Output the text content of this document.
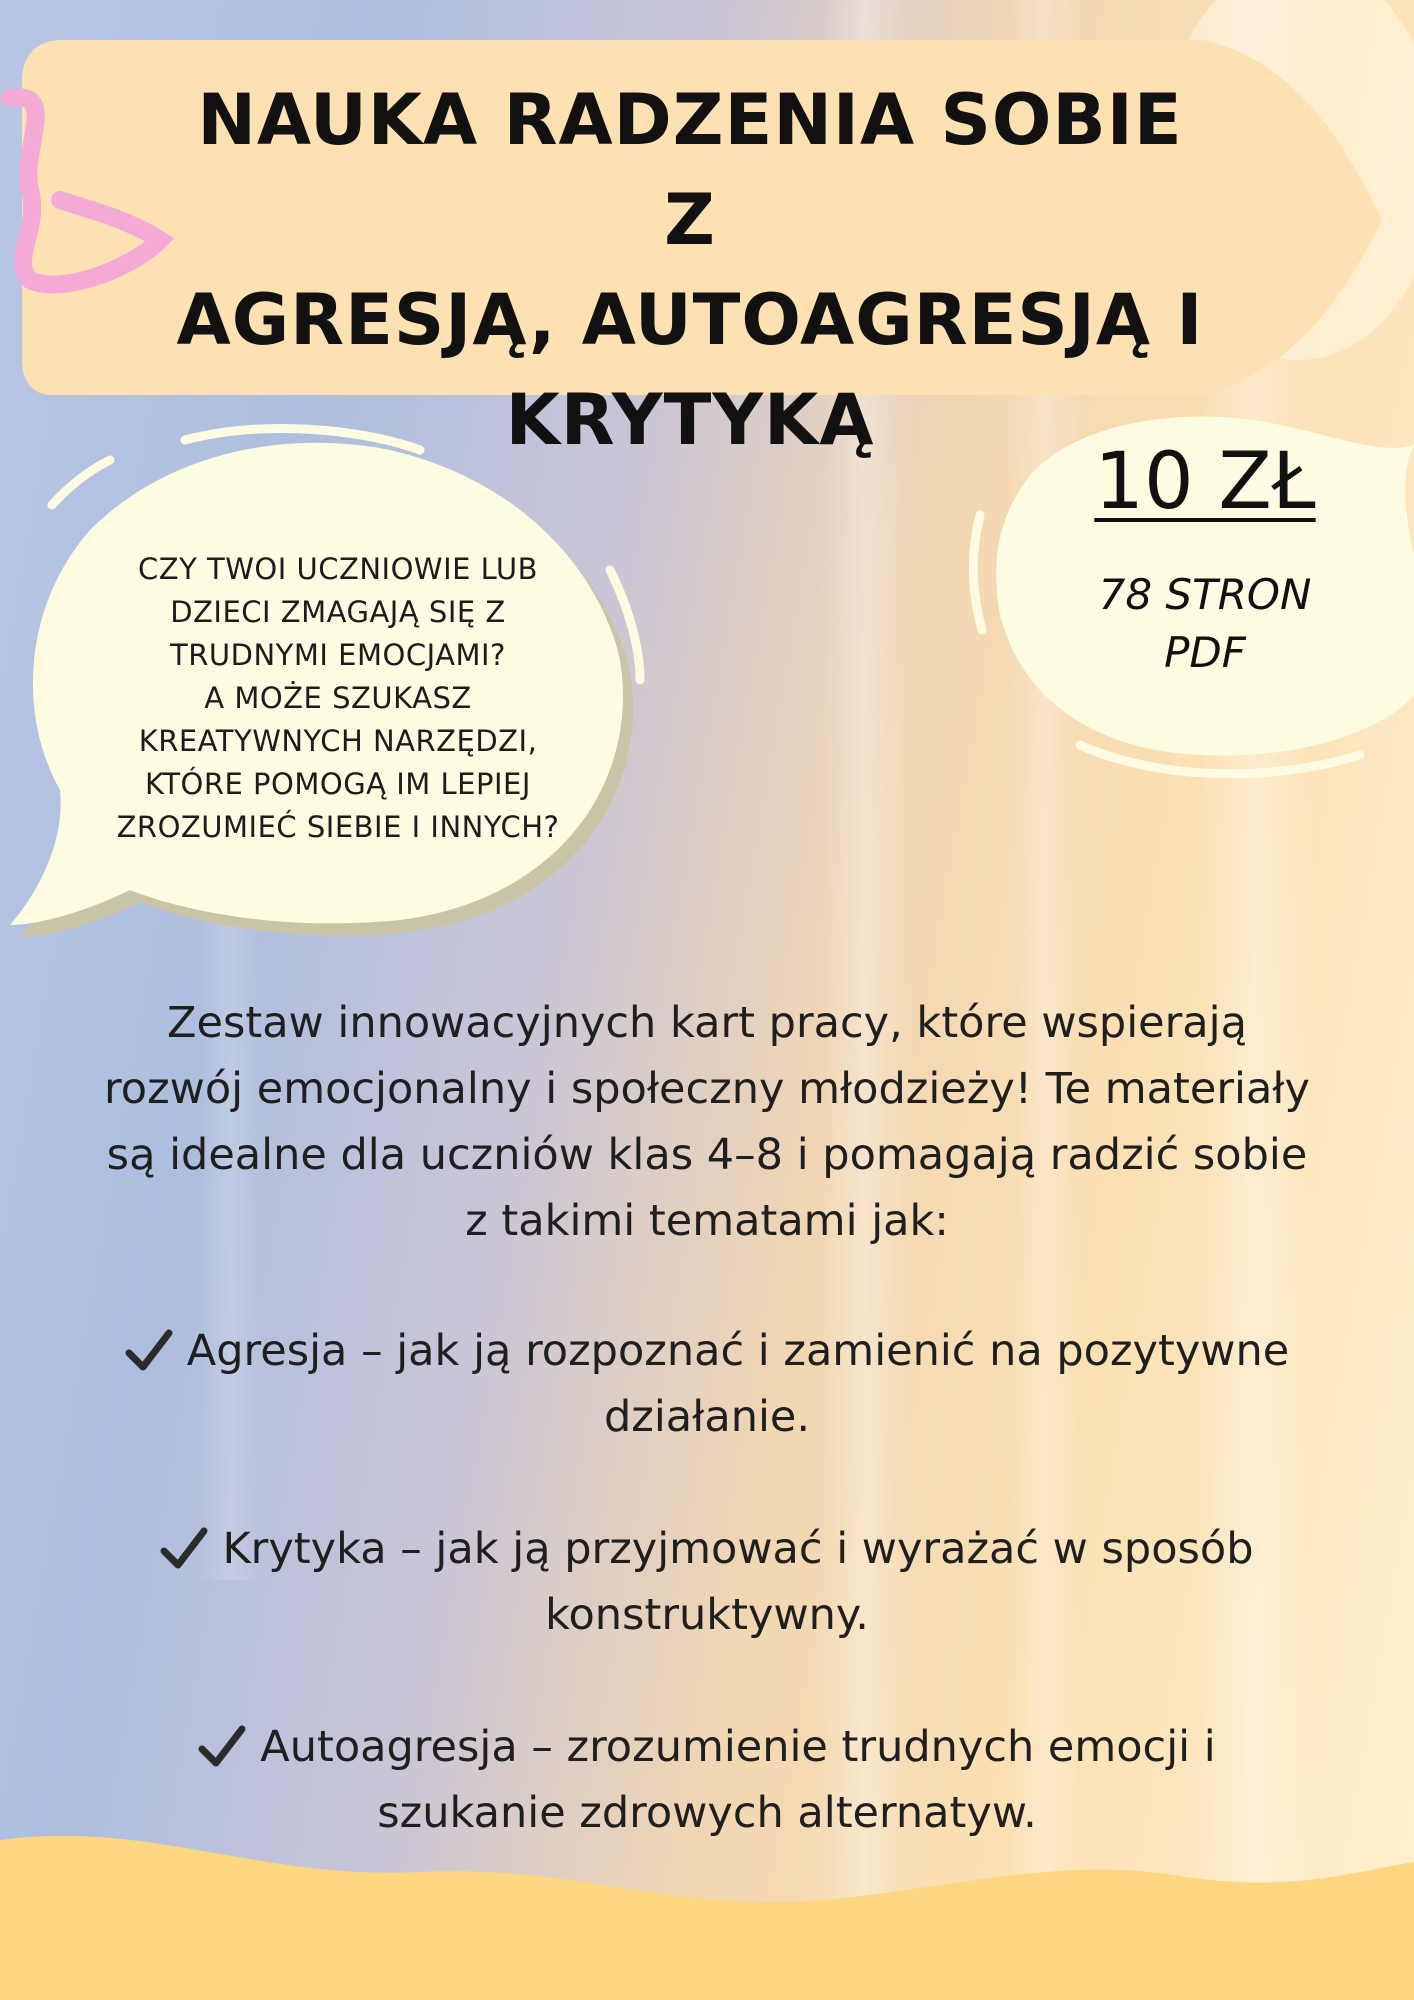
NAUKA RADZENIA SOBIE Z
AGRESJĄ, AUTOAGRESJĄ I
KRYTYKĄ

CZY TWOI UCZNIOWIE LUB
DZIECI ZMAGAJĄ SIĘ Z
TRUDNYMI EMOCJAMI?
A MOŻE SZUKASZ
KREATYWNYCH NARZĘDZI,
KTÓRE POMOGĄ IM LEPIEJ
ZROZUMIEĆ SIEBIE I INNYCH?

10 ZŁ
78 STRON
PDF

Zestaw innowacyjnych kart pracy, które wspierają
rozwój emocjonalny i społeczny młodzieży! Te materiały
są idealne dla uczniów klas 4–8 i pomagają radzić sobie
z takimi tematami jak:

Agresja – jak ją rozpoznać i zamienić na pozytywne
działanie.

Krytyka – jak ją przyjmować i wyrażać w sposób
konstruktywny.

Autoagresja – zrozumienie trudnych emocji i
szukanie zdrowych alternatyw.
